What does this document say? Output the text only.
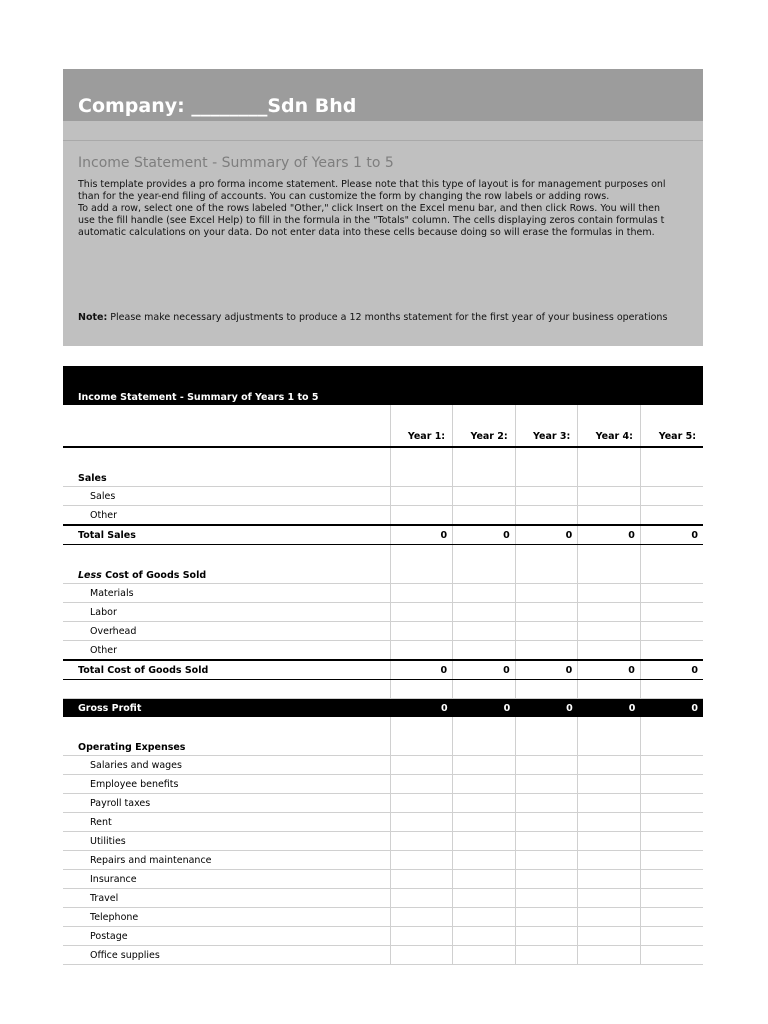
Company: ________Sdn Bhd
Income Statement - Summary of Years 1 to 5

This template provides a pro forma income statement. Please note that this type of layout is for management purposes onl
than for the year-end filing of accounts. You can customize the form by changing the row labels or adding rows.
To add a row, select one of the rows labeled "Other," click Insert on the Excel menu bar, and then click Rows. You will then
use the fill handle (see Excel Help) to fill in the formula in the "Totals" column. The cells displaying zeros contain formulas t
automatic calculations on your data. Do not enter data into these cells because doing so will erase the formulas in them.

Note: Please make necessary adjustments to produce a 12 months statement for the first year of your business operations
Income Statement - Summary of Years 1 to 5					
	Year 1:	Year 2:	Year 3:	Year 4:	Year 5:
Sales					
Sales					
Other					
Total Sales	0	0	0	0	0
Less Cost of Goods Sold					
Materials					
Labor					
Overhead					
Other					
Total Cost of Goods Sold	0	0	0	0	0

Gross Profit	0	0	0	0	0
Operating Expenses					
Salaries and wages					
Employee benefits					
Payroll taxes					
Rent					
Utilities					
Repairs and maintenance					
Insurance					
Travel					
Telephone					
Postage					
Office supplies					
